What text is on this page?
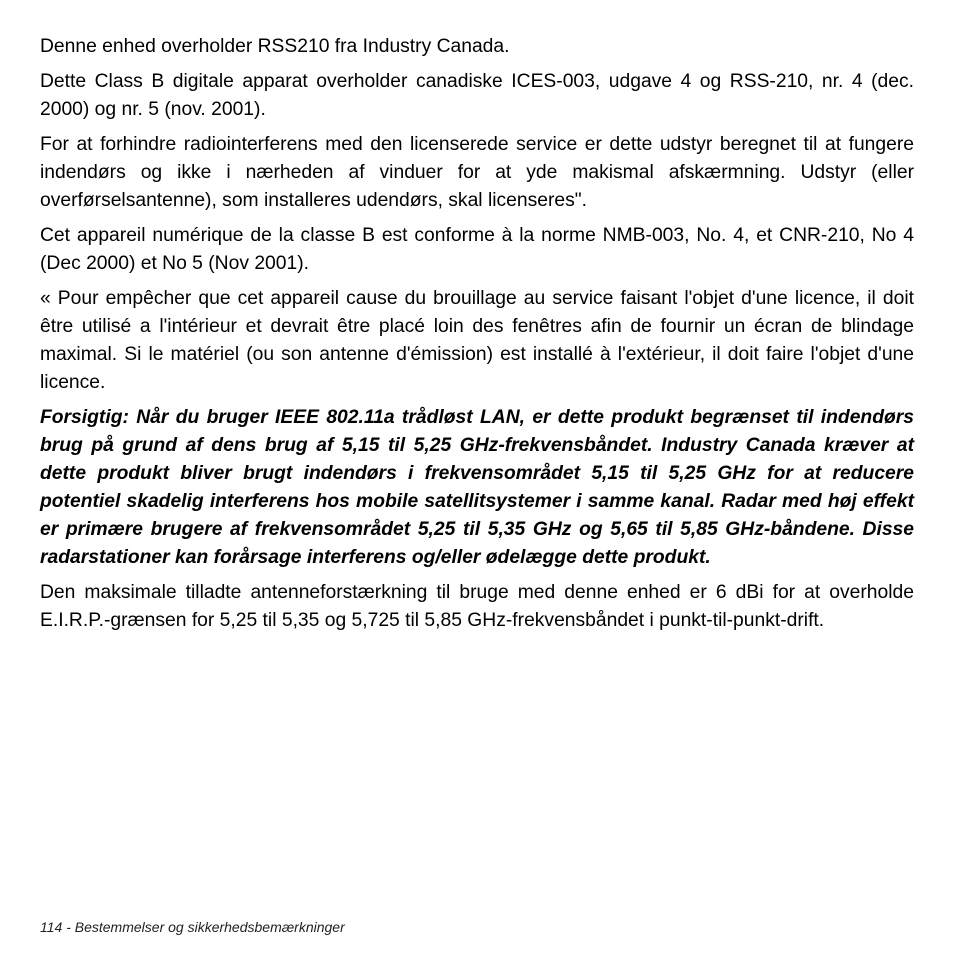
Denne enhed overholder RSS210 fra Industry Canada.

Dette Class B digitale apparat overholder canadiske ICES-003, udgave 4 og RSS-210, nr. 4 (dec. 2000) og nr. 5 (nov. 2001).

For at forhindre radiointerferens med den licenserede service er dette udstyr beregnet til at fungere indendørs og ikke i nærheden af vinduer for at yde makismal afskærmning. Udstyr (eller overførselsantenne), som installeres udendørs, skal licenseres".

Cet appareil numérique de la classe B est conforme à la norme NMB-003, No. 4, et CNR-210, No 4 (Dec 2000) et No 5 (Nov 2001).

« Pour empêcher que cet appareil cause du brouillage au service faisant l'objet d'une licence, il doit être utilisé a l'intérieur et devrait être placé loin des fenêtres afin de fournir un écran de blindage maximal. Si le matériel (ou son antenne d'émission) est installé à l'extérieur, il doit faire l'objet d'une licence.

Forsigtig: Når du bruger IEEE 802.11a trådløst LAN, er dette produkt begrænset til indendørs brug på grund af dens brug af 5,15 til 5,25 GHz-frekvensbåndet. Industry Canada kræver at dette produkt bliver brugt indendørs i frekvensområdet 5,15 til 5,25 GHz for at reducere potentiel skadelig interferens hos mobile satellitsystemer i samme kanal. Radar med høj effekt er primære brugere af frekvensområdet 5,25 til 5,35 GHz og 5,65 til 5,85 GHz-båndene. Disse radarstationer kan forårsage interferens og/eller ødelægge dette produkt.

Den maksimale tilladte antenneforstærkning til bruge med denne enhed er 6 dBi for at overholde E.I.R.P.-grænsen for 5,25 til 5,35 og 5,725 til 5,85 GHz-frekvensbåndet i punkt-til-punkt-drift.

114 - Bestemmelser og sikkerhedsbemærkninger
